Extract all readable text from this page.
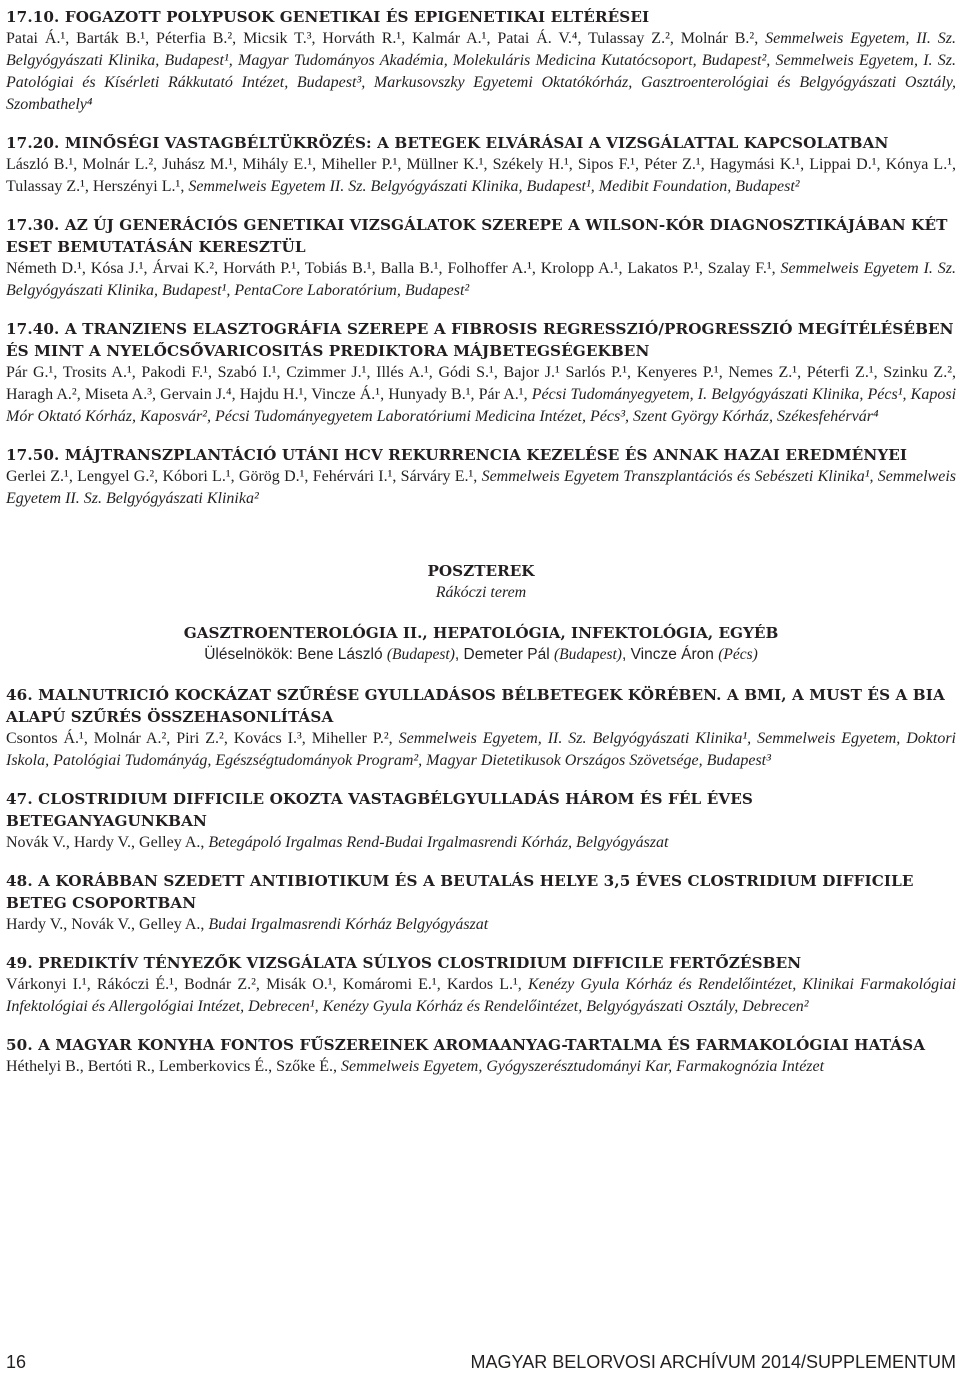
17.10. FOGAZOTT POLYPUSOK GENETIKAI ÉS EPIGENETIKAI ELTÉRÉSEI
Patai Á.¹, Barták B.¹, Péterfia B.², Micsik T.³, Horváth R.¹, Kalmár A.¹, Patai Á. V.⁴, Tulassay Z.², Molnár B.², Semmelweis Egyetem, II. Sz. Belgyógyászati Klinika, Budapest¹, Magyar Tudományos Akadémia, Molekuláris Medicina Kutatócsoport, Budapest², Semmelweis Egyetem, I. Sz. Patológiai és Kísérleti Rákkutató Intézet, Budapest³, Markusovszky Egyetemi Oktatókórház, Gasztroenterológiai és Belgyógyászati Osztály, Szombathely⁴
17.20. MINŐSÉGI VASTAGBÉLTÜKRÖZÉS: A BETEGEK ELVÁRÁSAI A VIZSGÁLATTAL KAPCSOLATBAN
László B.¹, Molnár L.², Juhász M.¹, Mihály E.¹, Miheller P.¹, Müllner K.¹, Székely H.¹, Sipos F.¹, Péter Z.¹, Hagymási K.¹, Lippai D.¹, Kónya L.¹, Tulassay Z.¹, Herszényi L.¹, Semmelweis Egyetem II. Sz. Belgyógyászati Klinika, Budapest¹, Medibit Foundation, Budapest²
17.30. AZ ÚJ GENERÁCIÓS GENETIKAI VIZSGÁLATOK SZEREPE A WILSON-KÓR DIAGNOSZTIKÁJÁBAN KÉT ESET BEMUTATÁSÁN KERESZTÜL
Németh D.¹, Kósa J.¹, Árvai K.², Horváth P.¹, Tobiás B.¹, Balla B.¹, Folhoffer A.¹, Krolopp A.¹, Lakatos P.¹, Szalay F.¹, Semmelweis Egyetem I. Sz. Belgyógyászati Klinika, Budapest¹, PentaCore Laboratórium, Budapest²
17.40. A TRANZIENS ELASZTOGRÁFIA SZEREPE A FIBROSIS REGRESSZIÓ/PROGRESSZIÓ MEGÍTÉLÉSÉBEN ÉS MINT A NYELŐCSŐVARICOSITÁS PREDIKTORA MÁJBETEGSÉGEKBEN
Pár G.¹, Trosits A.¹, Pakodi F.¹, Szabó I.¹, Czimmer J.¹, Illés A.¹, Gódi S.¹, Bajor J.¹ Sarlós P.¹, Kenyeres P.¹, Nemes Z.¹, Péterfi Z.¹, Szinku Z.², Haragh A.², Miseta A.³, Gervain J.⁴, Hajdu H.¹, Vincze Á.¹, Hunyady B.¹, Pár A.¹, Pécsi Tudományegyetem, I. Belgyógyászati Klinika, Pécs¹, Kaposi Mór Oktató Kórház, Kaposvár², Pécsi Tudományegyetem Laboratóriumi Medicina Intézet, Pécs³, Szent György Kórház, Székesfehérvár⁴
17.50. MÁJTRANSZPLANTÁCIÓ UTÁNI HCV REKURRENCIA KEZELÉSE ÉS ANNAK HAZAI EREDMÉNYEI
Gerlei Z.¹, Lengyel G.², Kóbori L.¹, Görög D.¹, Fehérvári I.¹, Sárváry E.¹, Semmelweis Egyetem Transzplantációs és Sebészeti Klinika¹, Semmelweis Egyetem II. Sz. Belgyógyászati Klinika²
POSZTEREK
Rákóczi terem
GASZTROENTEROLÓGIA II., HEPATOLÓGIA, INFEKTOLÓGIA, EGYÉB
Üléselnökök: Bene László (Budapest), Demeter Pál (Budapest), Vincze Áron (Pécs)
46. MALNUTRICIÓ KOCKÁZAT SZŰRÉSE GYULLADÁSOS BÉLBETEGEK KÖRÉBEN. A BMI, A MUST ÉS A BIA ALAPÚ SZŰRÉS ÖSSZEHASONLÍTÁSA
Csontos Á.¹, Molnár A.², Piri Z.², Kovács I.³, Miheller P.², Semmelweis Egyetem, II. Sz. Belgyógyászati Klinika¹, Semmelweis Egyetem, Doktori Iskola, Patológiai Tudományág, Egészségtudományok Program², Magyar Dietetikusok Országos Szövetsége, Budapest³
47. CLOSTRIDIUM DIFFICILE OKOZTA VASTAGBÉLGYULLADÁS HÁROM ÉS FÉL ÉVES BETEGANYAGUNKBAN
Novák V., Hardy V., Gelley A., Betegápoló Irgalmas Rend-Budai Irgalmasrendi Kórház, Belgyógyászat
48. A KORÁBBAN SZEDETT ANTIBIOTIKUM ÉS A BEUTALÁS HELYE 3,5 ÉVES CLOSTRIDIUM DIFFICILE BETEG CSOPORTBAN
Hardy V., Novák V., Gelley A., Budai Irgalmasrendi Kórház Belgyógyászat
49. PREDIKTÍV TÉNYEZŐK VIZSGÁLATA SÚLYOS CLOSTRIDIUM DIFFICILE FERTŐZÉSBEN
Várkonyi I.¹, Rákóczi É.¹, Bodnár Z.², Misák O.¹, Komáromi E.¹, Kardos L.¹, Kenézy Gyula Kórház és Rendelőintézet, Klinikai Farmakológiai Infektológiai és Allergológiai Intézet, Debrecen¹, Kenézy Gyula Kórház és Rendelőintézet, Belgyógyászati Osztály, Debrecen²
50. A MAGYAR KONYHA FONTOS FŰSZEREINEK AROMAANYAG-TARTALMA ÉS FARMAKOLÓGIAI HATÁSA
Héthelyi B., Bertóti R., Lemberkovics É., Szőke É., Semmelweis Egyetem, Gyógyszerésztudományi Kar, Farmakognózia Intézet
16	MAGYAR BELORVOSI ARCHÍVUM 2014/SUPPLEMENTUM
